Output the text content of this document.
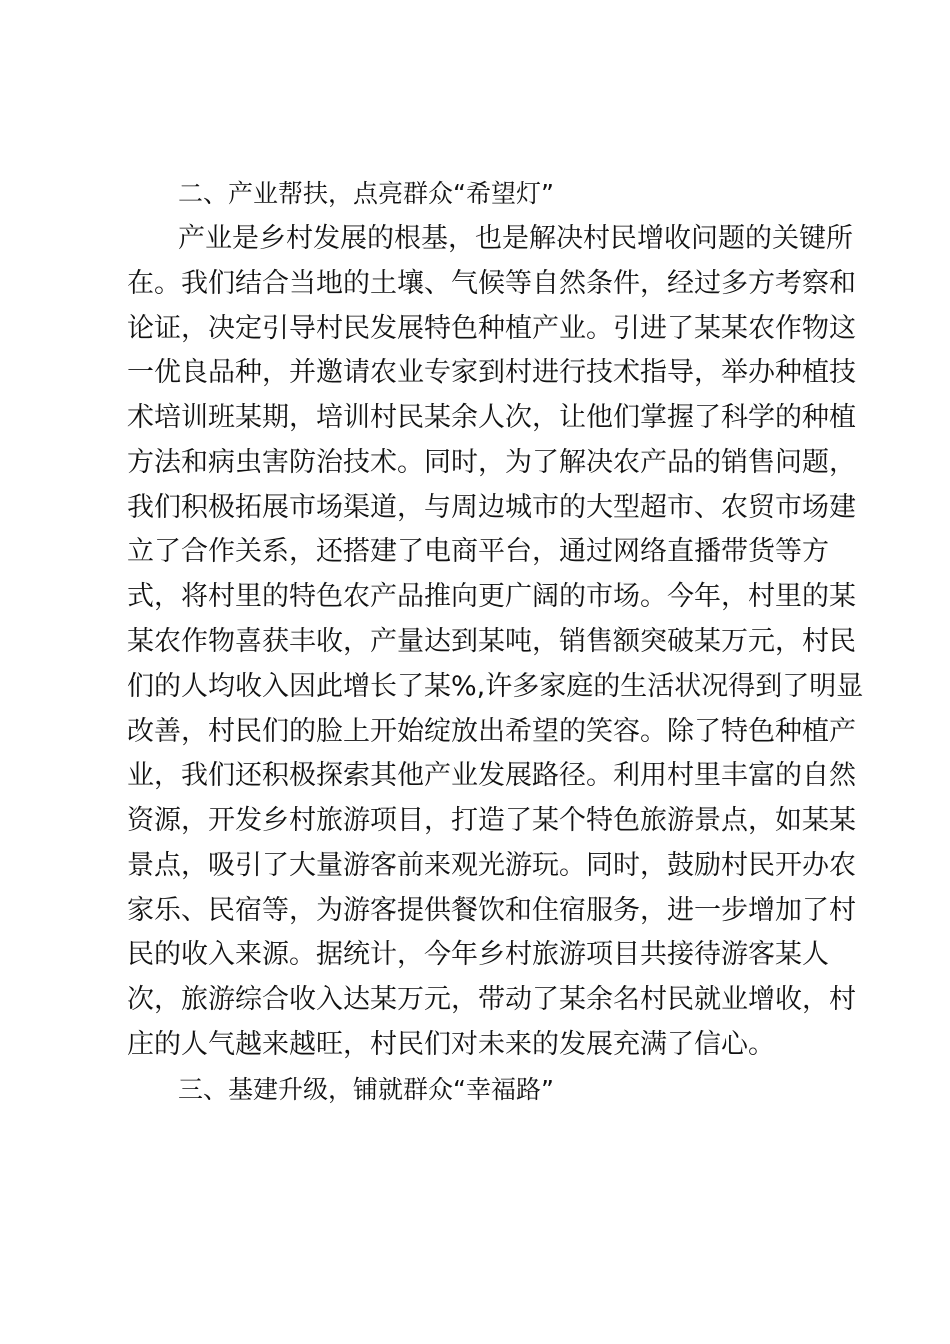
二、产业帮扶，点亮群众“希望灯”
产业是乡村发展的根基，也是解决村民增收问题的关键所
在。我们结合当地的土壤、气候等自然条件，经过多方考察和
论证，决定引导村民发展特色种植产业。引进了某某农作物这
一优良品种，并邀请农业专家到村进行技术指导，举办种植技
术培训班某期，培训村民某余人次，让他们掌握了科学的种植
方法和病虫害防治技术。同时，为了解决农产品的销售问题，
我们积极拓展市场渠道，与周边城市的大型超市、农贸市场建
立了合作关系，还搭建了电商平台，通过网络直播带货等方
式，将村里的特色农产品推向更广阔的市场。今年，村里的某
某农作物喜获丰收，产量达到某吨，销售额突破某万元，村民
们的人均收入因此增长了某%,许多家庭的生活状况得到了明显
改善，村民们的脸上开始绽放出希望的笑容。除了特色种植产
业，我们还积极探索其他产业发展路径。利用村里丰富的自然
资源，开发乡村旅游项目，打造了某个特色旅游景点，如某某
景点，吸引了大量游客前来观光游玩。同时，鼓励村民开办农
家乐、民宿等，为游客提供餐饮和住宿服务，进一步增加了村
民的收入来源。据统计，今年乡村旅游项目共接待游客某人
次，旅游综合收入达某万元，带动了某余名村民就业增收，村
庄的人气越来越旺，村民们对未来的发展充满了信心。
三、基建升级，铺就群众“幸福路”
